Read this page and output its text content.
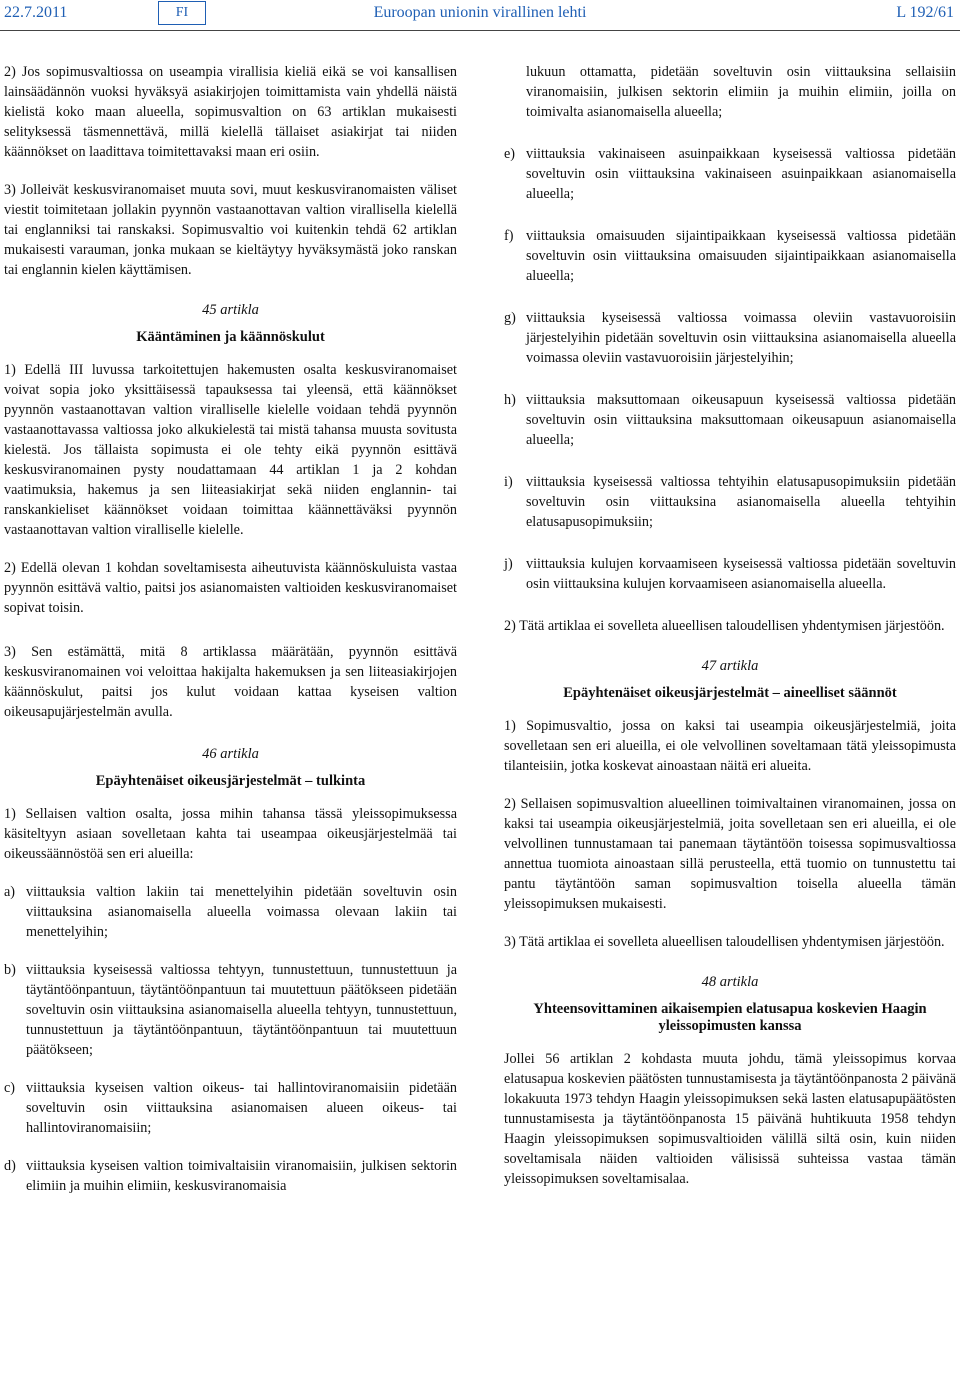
22.7.2011	FI	Euroopan unionin virallinen lehti	L 192/61

2) Jos sopimusvaltiossa on useampia virallisia kieliä eikä se voi kansallisen lainsäädännön vuoksi hyväksyä asiakirjojen toimittamista vain yhdellä näistä kielistä koko maan alueella, sopimusvaltion on 63 artiklan mukaisesti selityksessä täsmennettävä, millä kielellä tällaiset asiakirjat tai niiden käännökset on laadittava toimitettavaksi maan eri osiin.

3) Jolleivät keskusviranomaiset muuta sovi, muut keskusviranomaisten väliset viestit toimitetaan jollakin pyynnön vastaanottavan valtion virallisella kielellä tai englanniksi tai ranskaksi. Sopimusvaltio voi kuitenkin tehdä 62 artiklan mukaisesti varauman, jonka mukaan se kieltäytyy hyväksymästä joko ranskan tai englannin kielen käyttämisen.

45 artikla
Kääntäminen ja käännöskulut

1) Edellä III luvussa tarkoitettujen hakemusten osalta keskusviranomaiset voivat sopia joko yksittäisessä tapauksessa tai yleensä, että käännökset pyynnön vastaanottavan valtion viralliselle kielelle voidaan tehdä pyynnön vastaanottavassa valtiossa joko alkukielestä tai mistä tahansa muusta sovitusta kielestä. Jos tällaista sopimusta ei ole tehty eikä pyynnön esittävä keskusviranomainen pysty noudattamaan 44 artiklan 1 ja 2 kohdan vaatimuksia, hakemus ja sen liiteasiakirjat sekä niiden englannin- tai ranskankieliset käännökset voidaan toimittaa käännettäväksi pyynnön vastaanottavan valtion viralliselle kielelle.

2) Edellä olevan 1 kohdan soveltamisesta aiheutuvista käännöskuluista vastaa pyynnön esittävä valtio, paitsi jos asianomaisten valtioiden keskusviranomaiset sopivat toisin.

3) Sen estämättä, mitä 8 artiklassa määrätään, pyynnön esittävä keskusviranomainen voi veloittaa hakijalta hakemuksen ja sen liiteasiakirjojen käännöskulut, paitsi jos kulut voidaan kattaa kyseisen valtion oikeusapujärjestelmän avulla.

46 artikla
Epäyhtenäiset oikeusjärjestelmät – tulkinta

1) Sellaisen valtion osalta, jossa mihin tahansa tässä yleissopimuksessa käsiteltyyn asiaan sovelletaan kahta tai useampaa oikeusjärjestelmää tai oikeussäännöstöä sen eri alueilla:

a) viittauksia valtion lakiin tai menettelyihin pidetään soveltuvin osin viittauksina asianomaisella alueella voimassa olevaan lakiin tai menettelyihin;
b) viittauksia kyseisessä valtiossa tehtyyn, tunnustettuun, tunnustettuun ja täytäntöönpantuun, täytäntöönpantuun tai muutettuun päätökseen pidetään soveltuvin osin viittauksina asianomaisella alueella tehtyyn, tunnustettuun, tunnustettuun ja täytäntöönpantuun, täytäntöönpantuun tai muutettuun päätökseen;
c) viittauksia kyseisen valtion oikeus- tai hallintoviranomaisiin pidetään soveltuvin osin viittauksina asianomaisen alueen oikeus- tai hallintoviranomaisiin;
d) viittauksia kyseisen valtion toimivaltaisiin viranomaisiin, julkisen sektorin elimiin ja muihin elimiin, keskusviranomaisia
lukuun ottamatta, pidetään soveltuvin osin viittauksina sellaisiin viranomaisiin, julkisen sektorin elimiin ja muihin elimiin, joilla on toimivalta asianomaisella alueella;
e) viittauksia vakinaiseen asuinpaikkaan kyseisessä valtiossa pidetään soveltuvin osin viittauksina vakinaiseen asuinpaikkaan asianomaisella alueella;
f) viittauksia omaisuuden sijaintipaikkaan kyseisessä valtiossa pidetään soveltuvin osin viittauksina omaisuuden sijaintipaikkaan asianomaisella alueella;
g) viittauksia kyseisessä valtiossa voimassa oleviin vastavuoroisiin järjestelyihin pidetään soveltuvin osin viittauksina asianomaisella alueella voimassa oleviin vastavuoroisiin järjestelyihin;
h) viittauksia maksuttomaan oikeusapuun kyseisessä valtiossa pidetään soveltuvin osin viittauksina maksuttomaan oikeusapuun asianomaisella alueella;
i) viittauksia kyseisessä valtiossa tehtyihin elatusapusopimuksiin pidetään soveltuvin osin viittauksina asianomaisella alueella tehtyihin elatusapusopimuksiin;
j) viittauksia kulujen korvaamiseen kyseisessä valtiossa pidetään soveltuvin osin viittauksina kulujen korvaamiseen asianomaisella alueella.

2) Tätä artiklaa ei sovelleta alueellisen taloudellisen yhdentymisen järjestöön.

47 artikla
Epäyhtenäiset oikeusjärjestelmät – aineelliset säännöt

1) Sopimusvaltio, jossa on kaksi tai useampia oikeusjärjestelmiä, joita sovelletaan sen eri alueilla, ei ole velvollinen soveltamaan tätä yleissopimusta tilanteisiin, jotka koskevat ainoastaan näitä eri alueita.

2) Sellaisen sopimusvaltion alueellinen toimivaltainen viranomainen, jossa on kaksi tai useampia oikeusjärjestelmiä, joita sovelletaan sen eri alueilla, ei ole velvollinen tunnustamaan tai panemaan täytäntöön toisessa sopimusvaltiossa annettua tuomiota ainoastaan sillä perusteella, että tuomio on tunnustettu tai pantu täytäntöön saman sopimusvaltion toisella alueella tämän yleissopimuksen mukaisesti.

3) Tätä artiklaa ei sovelleta alueellisen taloudellisen yhdentymisen järjestöön.

48 artikla
Yhteensovittaminen aikaisempien elatusapua koskevien Haagin yleissopimusten kanssa

Jollei 56 artiklan 2 kohdasta muuta johdu, tämä yleissopimus korvaa elatusapua koskevien päätösten tunnustamisesta ja täytäntöönpanosta 2 päivänä lokakuuta 1973 tehdyn Haagin yleissopimuksen sekä lasten elatusapupäätösten tunnustamisesta ja täytäntöönpanosta 15 päivänä huhtikuuta 1958 tehdyn Haagin yleissopimuksen sopimusvaltioiden välillä siltä osin, kuin niiden soveltamisala näiden valtioiden välisissä suhteissa vastaa tämän yleissopimuksen soveltamisalaa.
